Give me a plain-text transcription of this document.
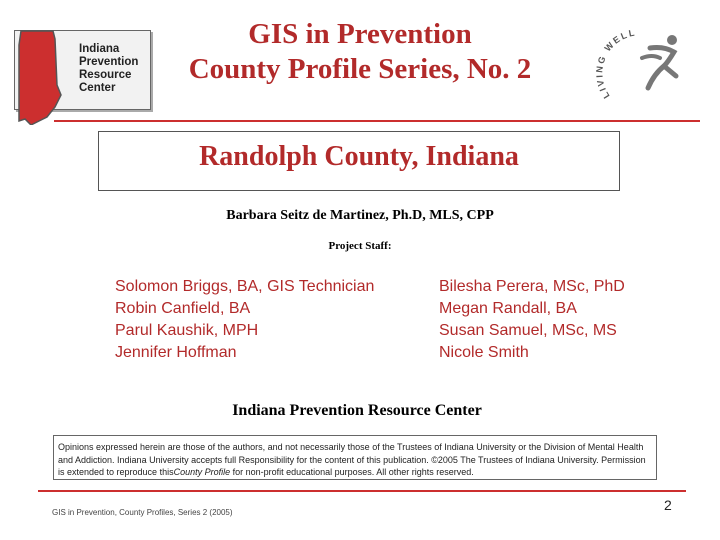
Indiana
Prevention
Resource
Center
GIS in Prevention
County Profile Series, No. 2
LIVING WELL
Randolph County, Indiana
Barbara Seitz de Martinez, Ph.D, MLS, CPP
Project Staff:
Solomon Briggs, BA, GIS Technician
Robin Canfield, BA
Parul Kaushik, MPH
Jennifer Hoffman
Bilesha Perera, MSc, PhD
Megan Randall, BA
Susan Samuel, MSc, MS
Nicole Smith
Indiana Prevention Resource Center
Opinions expressed herein are those of the authors, and not necessarily those of the Trustees of Indiana University or the Division of Mental Health and Addiction. Indiana University accepts full Responsibility for the content of this publication. ©2005 The Trustees of Indiana University. Permission is extended to reproduce thisCounty Profile for non-profit educational purposes. All other rights reserved.
GIS in Prevention, County Profiles, Series 2 (2005)	2
